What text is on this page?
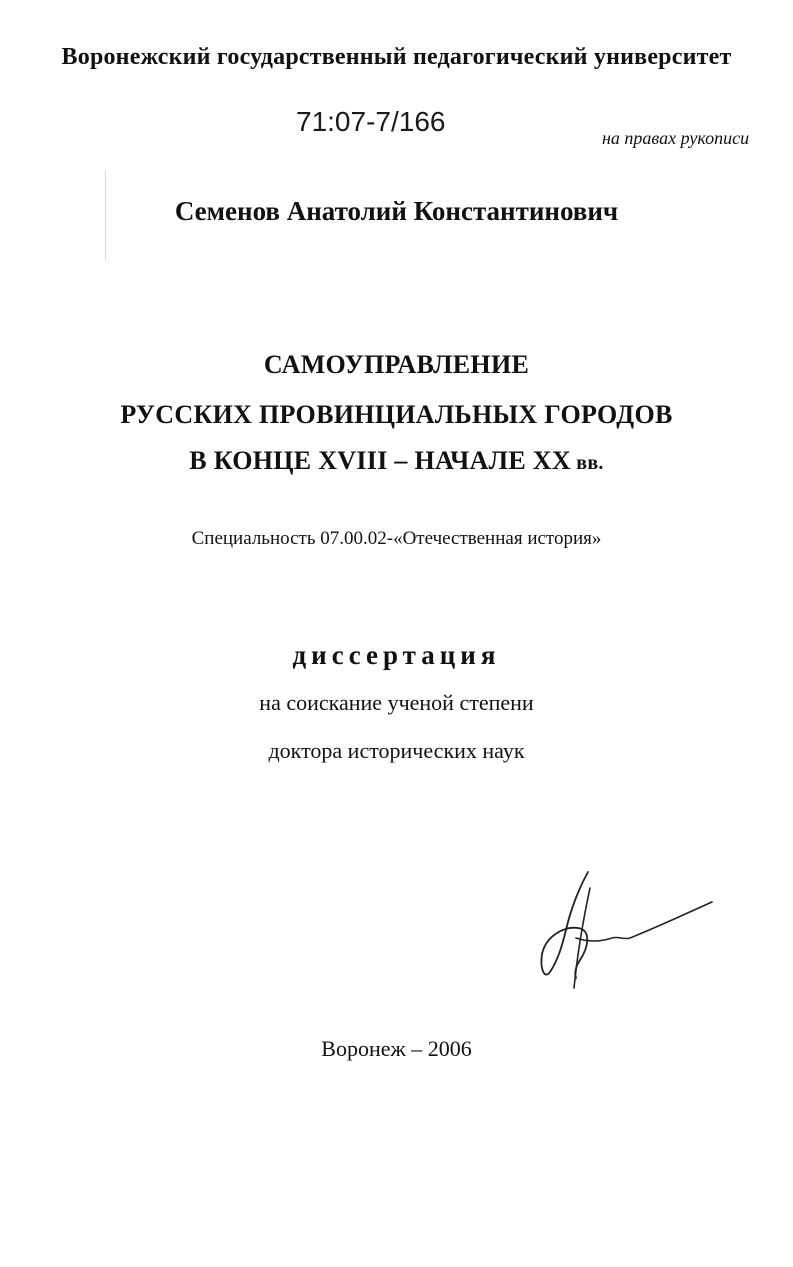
Воронежский государственный педагогический университет
71:07-7/166
на правах рукописи
Семенов Анатолий Константинович
САМОУПРАВЛЕНИЕ
РУССКИХ ПРОВИНЦИАЛЬНЫХ ГОРОДОВ
В КОНЦЕ XVIII – НАЧАЛЕ XX вв.
Специальность 07.00.02-«Отечественная история»
диссертация
на соискание ученой степени
доктора исторических наук
Воронеж – 2006
